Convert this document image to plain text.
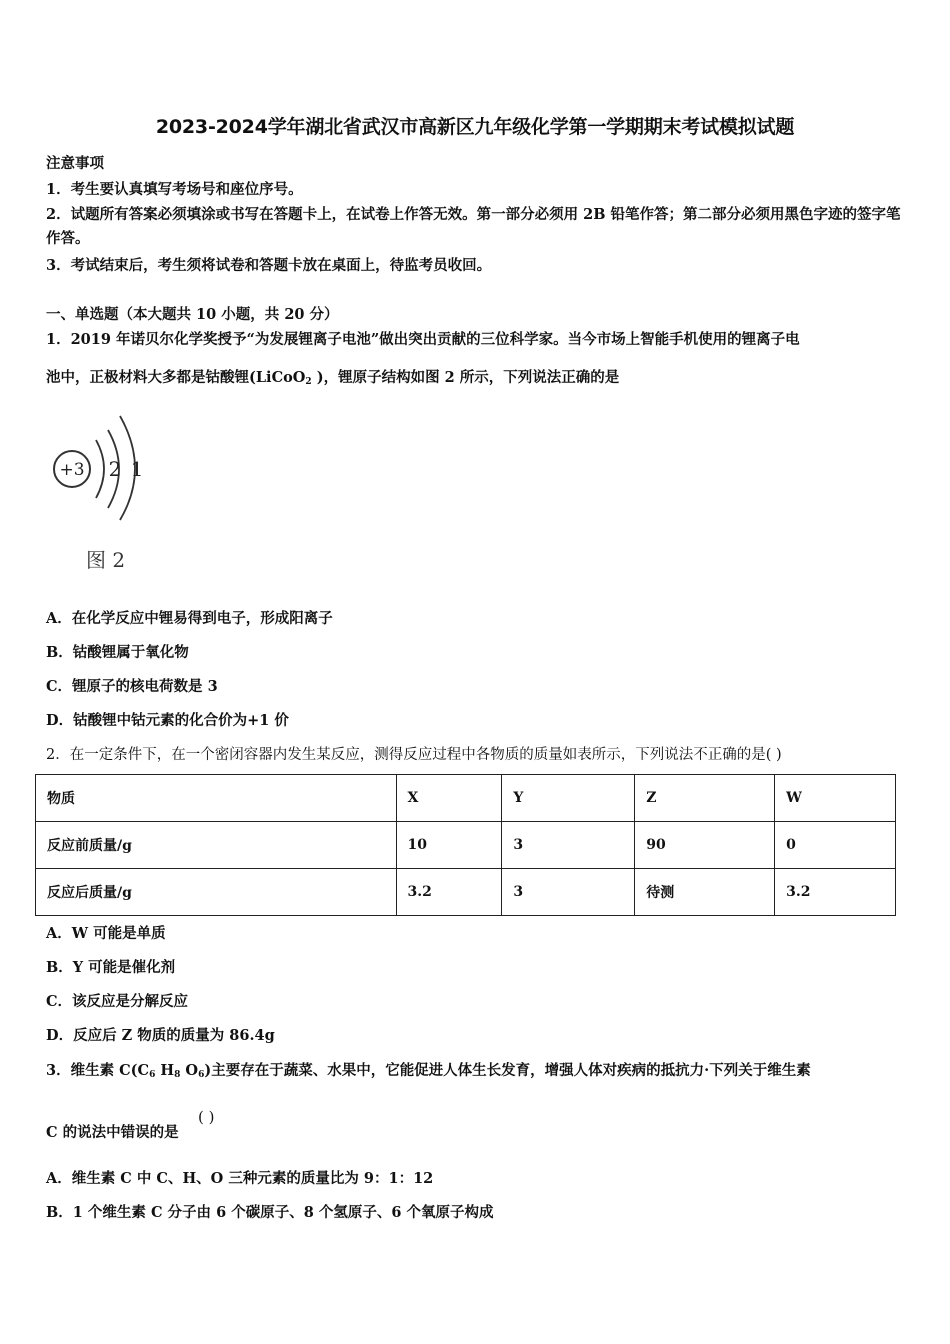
2023-2024学年湖北省武汉市高新区九年级化学第一学期期末考试模拟试题
注意事项
1．考生要认真填写考场号和座位序号。
2．试题所有答案必须填涂或书写在答题卡上，在试卷上作答无效。第一部分必须用 2B 铅笔作答；第二部分必须用黑色字迹的签字笔作答。
3．考试结束后，考生须将试卷和答题卡放在桌面上，待监考员收回。
一、单选题（本大题共 10 小题，共 20 分）
1．2019 年诺贝尔化学奖授予“为发展锂离子电池”做出突出贡献的三位科学家。当今市场上智能手机使用的锂离子电
池中，正极材料大多都是钴酸锂(LiCoO$_2$ )，锂原子结构如图 2 所示，下列说法正确的是
+3 2 1
图 2
A．在化学反应中锂易得到电子，形成阳离子
B．钴酸锂属于氧化物
C．锂原子的核电荷数是 3
D．钴酸锂中钴元素的化合价为+1 价
2．在一定条件下，在一个密闭容器内发生某反应，测得反应过程中各物质的质量如表所示，下列说法不正确的是( )
物质	X	Y	Z	W
反应前质量/g	10	3	90	0
反应后质量/g	3.2	3	待测	3.2
A．W 可能是单质
B．Y 可能是催化剂
C．该反应是分解反应
D．反应后 Z 物质的质量为 86.4g
3．维生素 $C(C_6$ $H_8$ $O_6$)主要存在于蔬菜、水果中，它能促进人体生长发育，增强人体对疾病的抵抗力·下列关于维生素
C 的说法中错误的是
( )
A．维生素 C 中 C、H、O 三种元素的质量比为 9：1：12
B．1 个维生素 C 分子由 6 个碳原子、8 个氢原子、6 个氧原子构成
